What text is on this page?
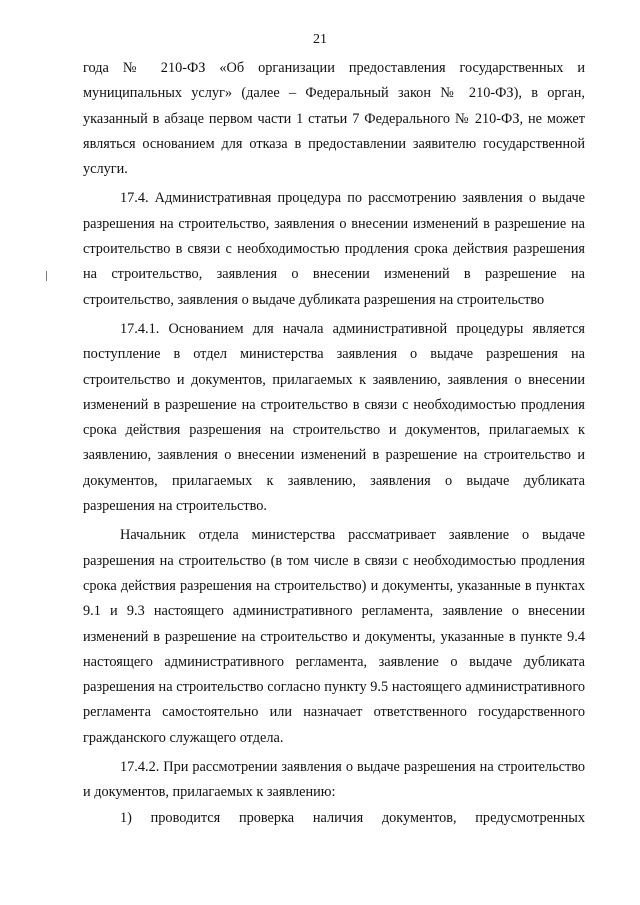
21

года № 210-ФЗ «Об организации предоставления государственных и муниципальных услуг» (далее – Федеральный закон № 210-ФЗ), в орган, указанный в абзаце первом части 1 статьи 7 Федерального № 210-ФЗ, не может являться основанием для отказа в предоставлении заявителю государственной услуги.

17.4. Административная процедура по рассмотрению заявления о выдаче разрешения на строительство, заявления о внесении изменений в разрешение на строительство в связи с необходимостью продления срока действия разрешения на строительство, заявления о внесении изменений в разрешение на строительство, заявления о выдаче дубликата разрешения на строительство

17.4.1. Основанием для начала административной процедуры является поступление в отдел министерства заявления о выдаче разрешения на строительство и документов, прилагаемых к заявлению, заявления о внесении изменений в разрешение на строительство в связи с необходимостью продления срока действия разрешения на строительство и документов, прилагаемых к заявлению, заявления о внесении изменений в разрешение на строительство и документов, прилагаемых к заявлению, заявления о выдаче дубликата разрешения на строительство.

Начальник отдела министерства рассматривает заявление о выдаче разрешения на строительство (в том числе в связи с необходимостью продления срока действия разрешения на строительство) и документы, указанные в пунктах 9.1 и 9.3 настоящего административного регламента, заявление о внесении изменений в разрешение на строительство и документы, указанные в пункте 9.4 настоящего административного регламента, заявление о выдаче дубликата разрешения на строительство согласно пункту 9.5 настоящего административного регламента самостоятельно или назначает ответственного государственного гражданского служащего отдела.

17.4.2. При рассмотрении заявления о выдаче разрешения на строительство и документов, прилагаемых к заявлению:

1) проводится проверка наличия документов, предусмотренных
